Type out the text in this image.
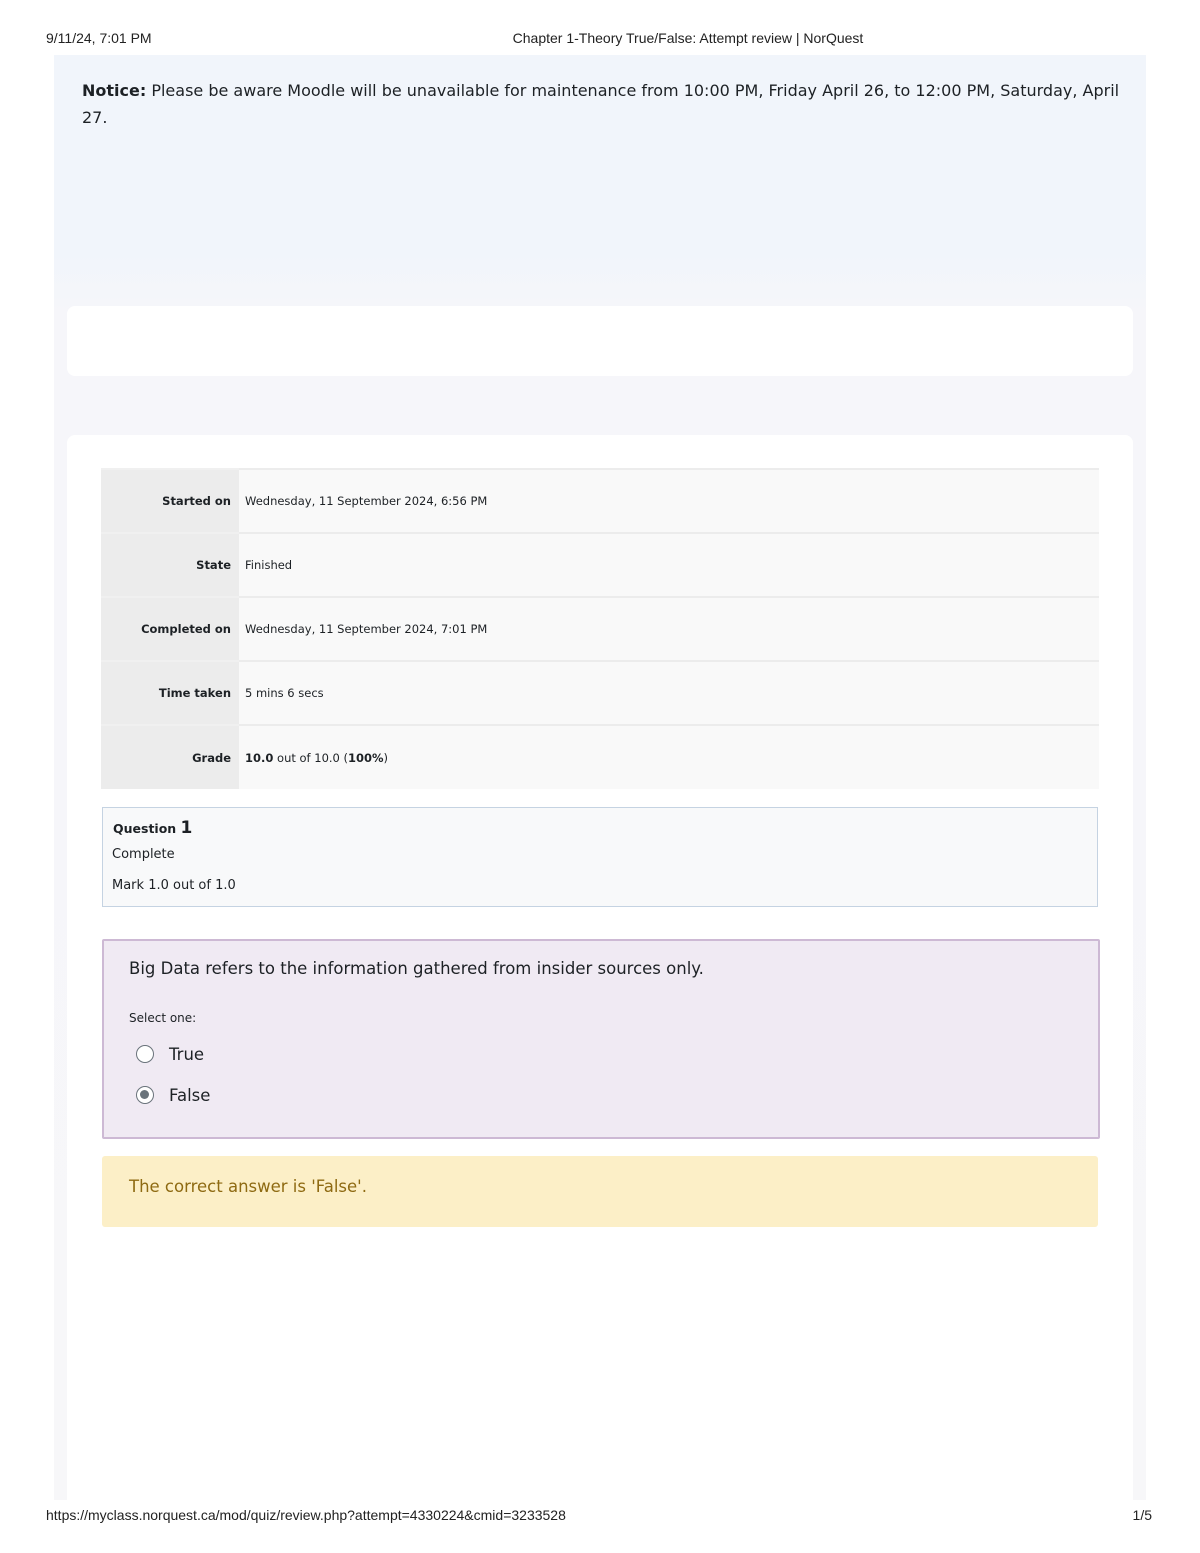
9/11/24, 7:01 PM	Chapter 1-Theory True/False: Attempt review | NorQuest
Notice: Please be aware Moodle will be unavailable for maintenance from 10:00 PM, Friday April 26, to 12:00 PM, Saturday, April 27.
Started on	Wednesday, 11 September 2024, 6:56 PM
State	Finished
Completed on	Wednesday, 11 September 2024, 7:01 PM
Time taken	5 mins 6 secs
Grade	10.0 out of 10.0 (100%)
Question 1
Complete
Mark 1.0 out of 1.0
Big Data refers to the information gathered from insider sources only.
Select one:
True
False
The correct answer is 'False'.
https://myclass.norquest.ca/mod/quiz/review.php?attempt=4330224&cmid=3233528	1/5
